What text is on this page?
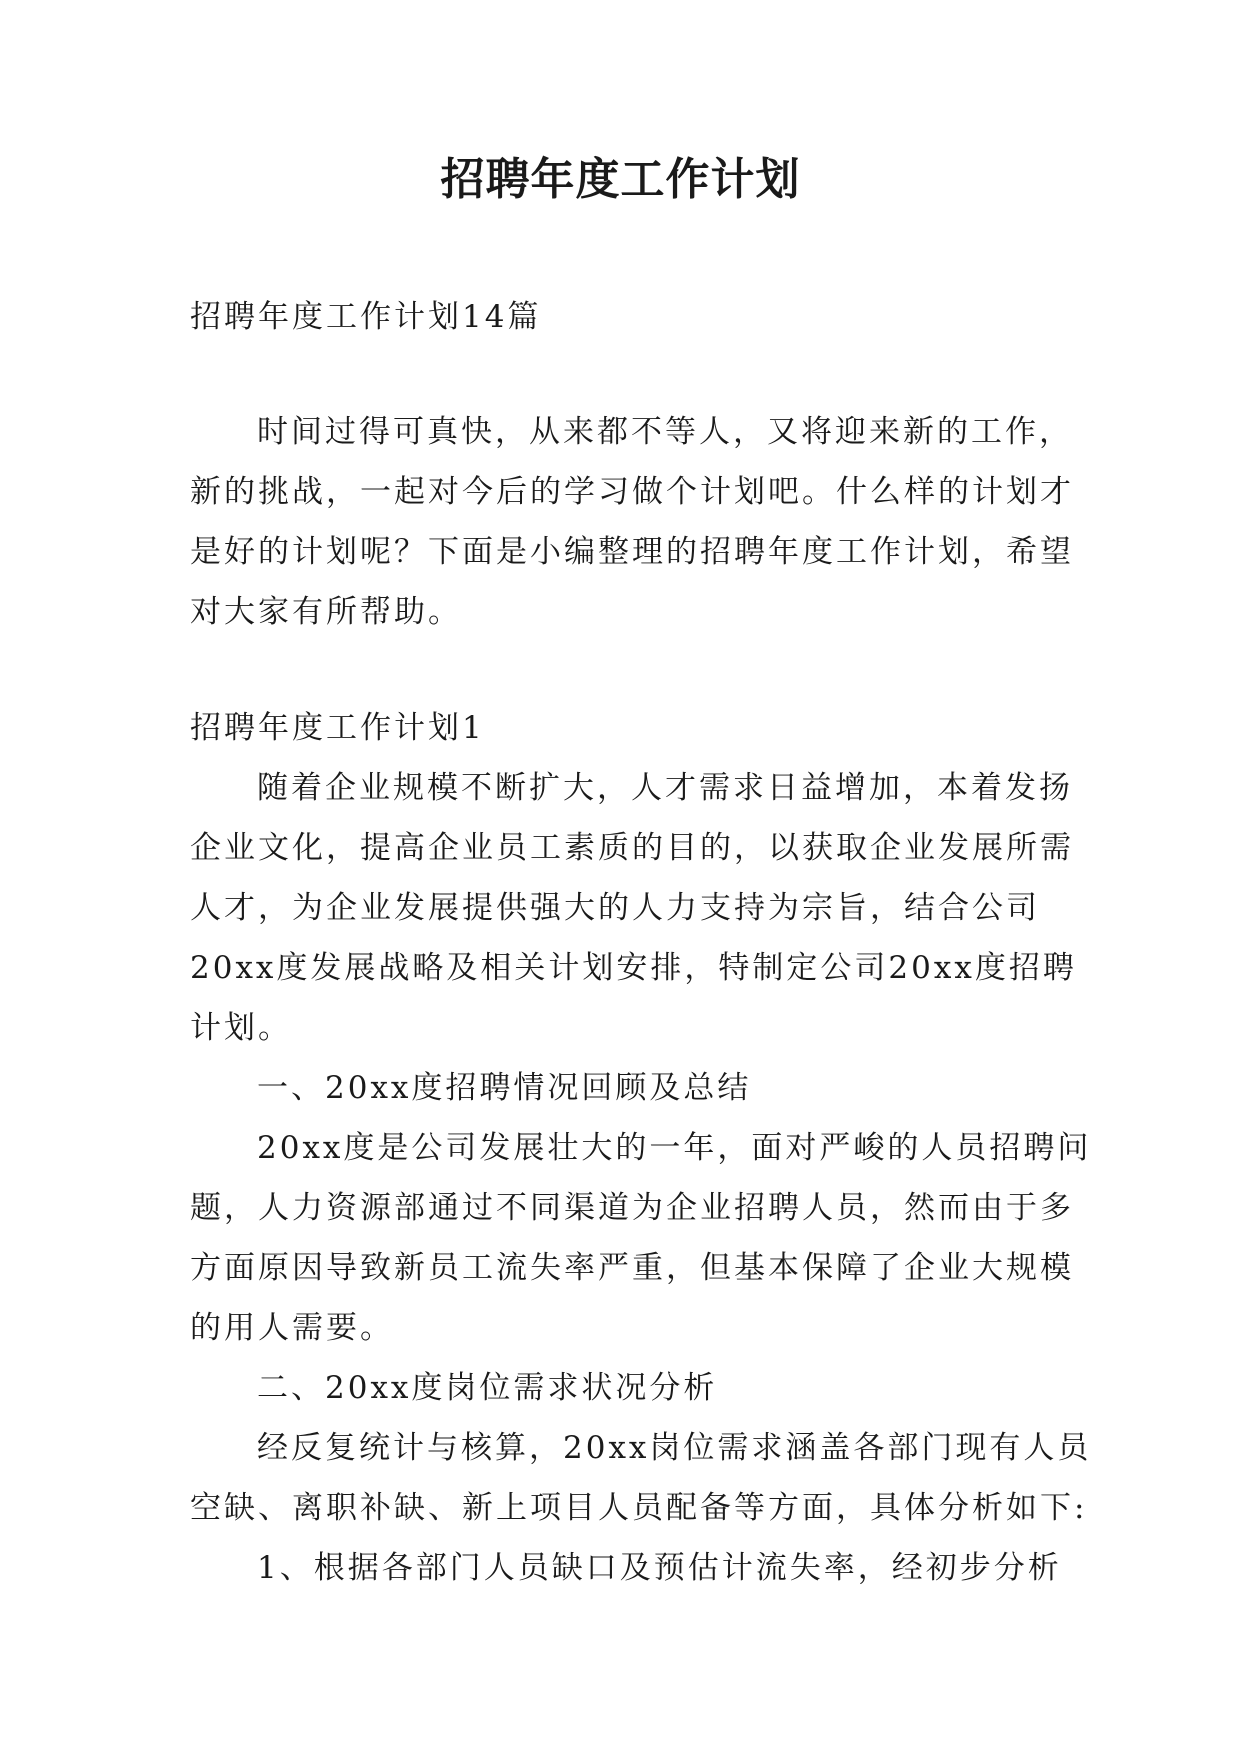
招聘年度工作计划

招聘年度工作计划14篇

时间过得可真快，从来都不等人，又将迎来新的工作，

新的挑战，一起对今后的学习做个计划吧。什么样的计划才

是好的计划呢？下面是小编整理的招聘年度工作计划，希望

对大家有所帮助。

招聘年度工作计划1

随着企业规模不断扩大，人才需求日益增加，本着发扬

企业文化，提高企业员工素质的目的，以获取企业发展所需

人才，为企业发展提供强大的人力支持为宗旨，结合公司

20xx度发展战略及相关计划安排，特制定公司20xx度招聘

计划。

一、20xx度招聘情况回顾及总结

20xx度是公司发展壮大的一年，面对严峻的人员招聘问

题，人力资源部通过不同渠道为企业招聘人员，然而由于多

方面原因导致新员工流失率严重，但基本保障了企业大规模

的用人需要。

二、20xx度岗位需求状况分析

经反复统计与核算，20xx岗位需求涵盖各部门现有人员

空缺、离职补缺、新上项目人员配备等方面，具体分析如下:

1、根据各部门人员缺口及预估计流失率，经初步分析
